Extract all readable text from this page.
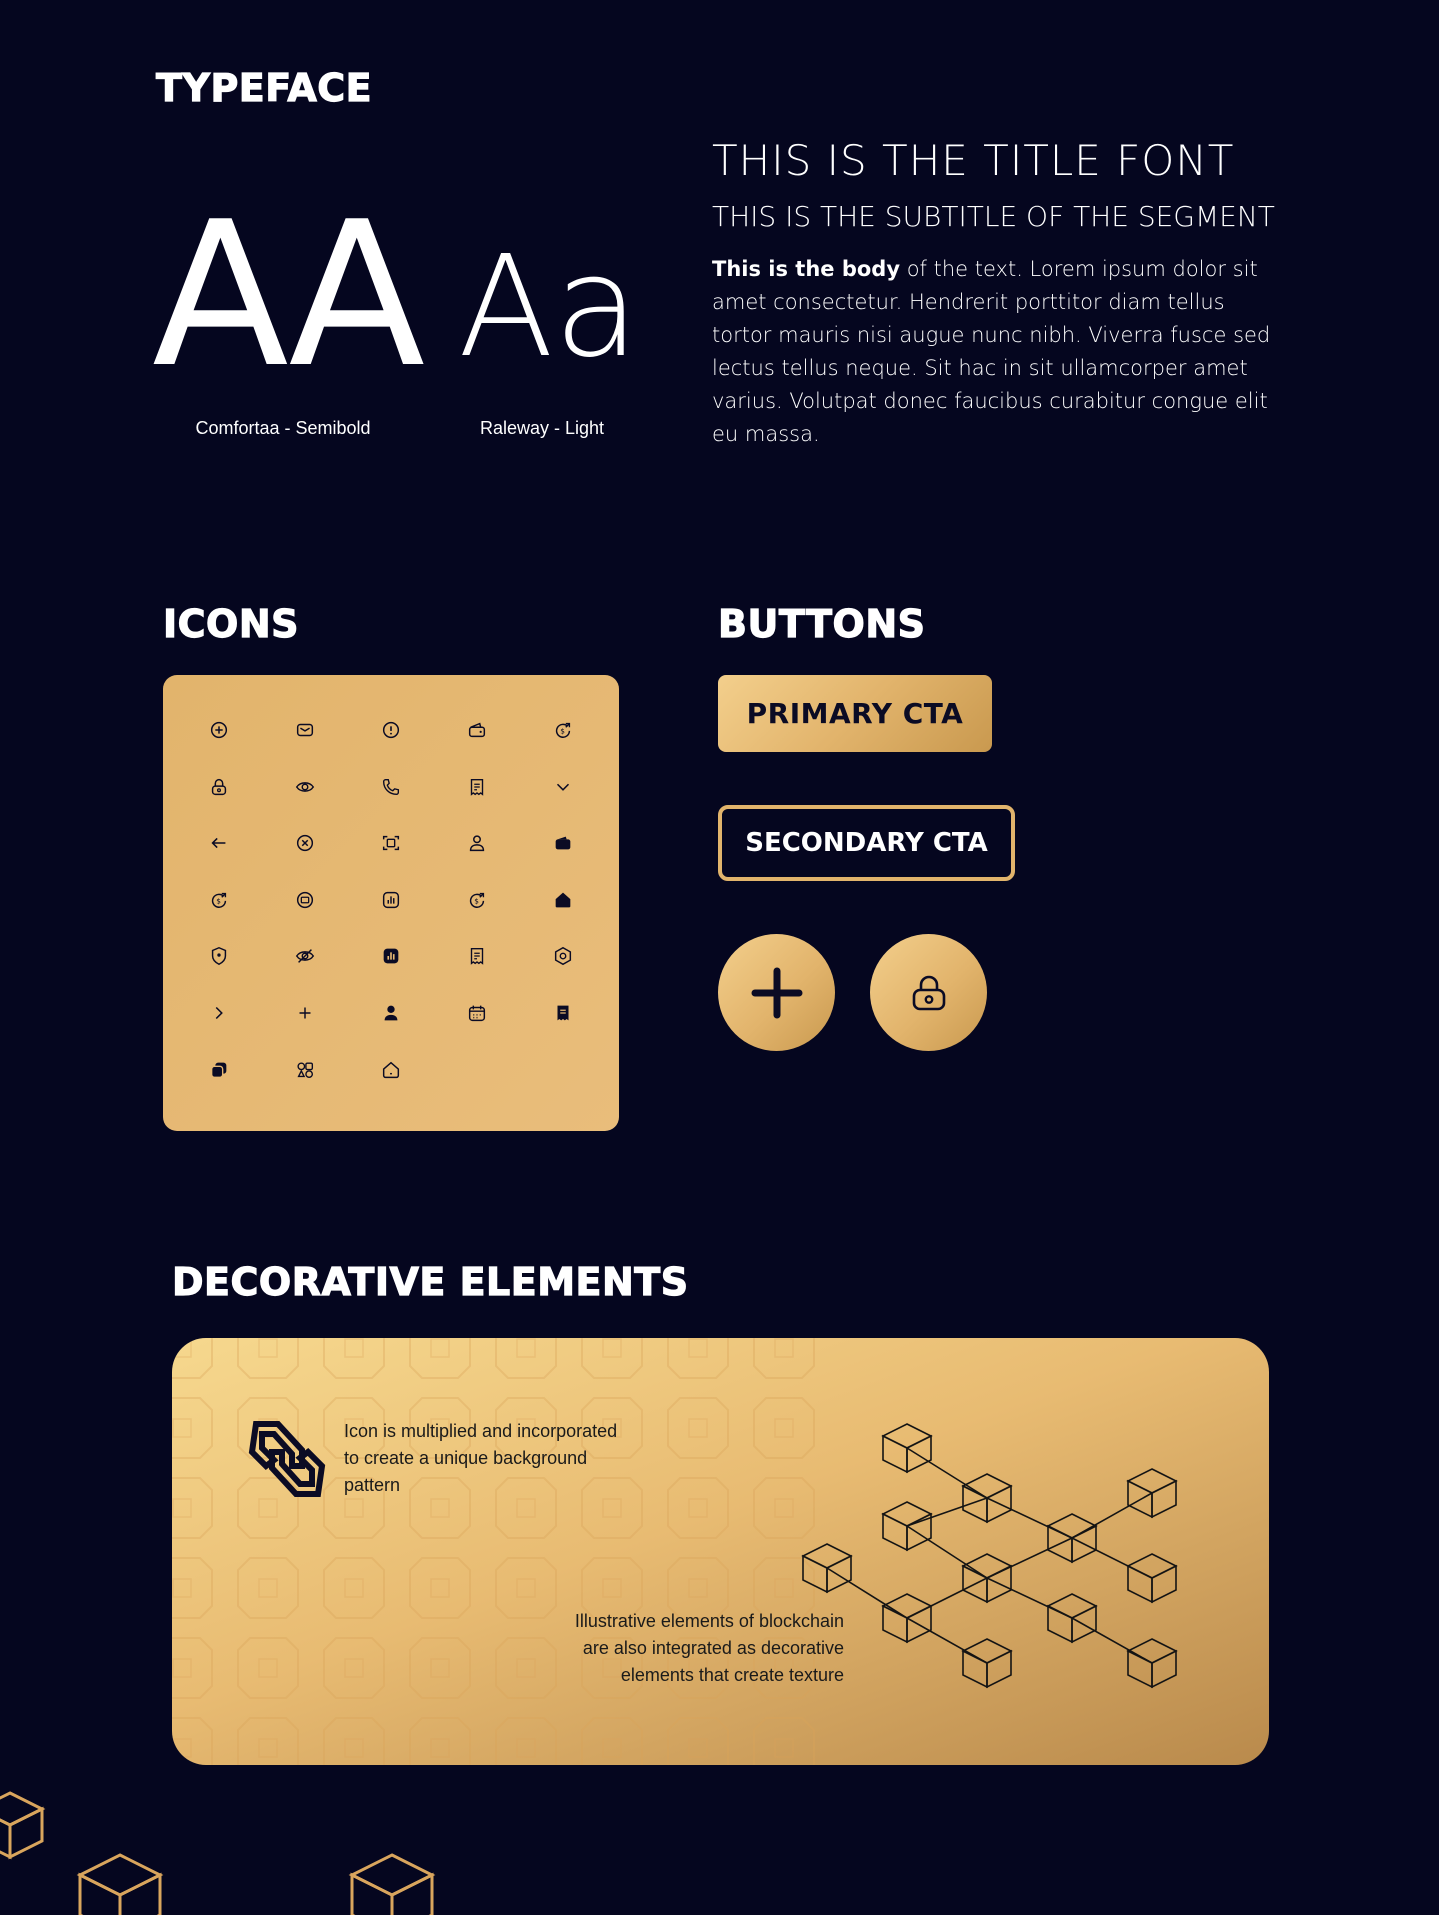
TYPEFACE
AA Aa
Comfortaa - Semibold	Raleway - Light
THIS IS THE TITLE FONT
THIS IS THE SUBTITLE OF THE SEGMENT
This is the body of the text. Lorem ipsum dolor sit amet consectetur. Hendrerit porttitor diam tellus tortor mauris nisi augue nunc nibh. Viverra fusce sed lectus tellus neque. Sit hac in sit ullamcorper amet varius. Volutpat donec faucibus curabitur congue elit eu massa.
ICONS
$
$	$
BUTTONS
PRIMARY CTA
SECONDARY CTA
DECORATIVE ELEMENTS
Icon is multiplied and incorporated to create a unique background pattern
Illustrative elements of blockchain are also integrated as decorative elements that create texture
